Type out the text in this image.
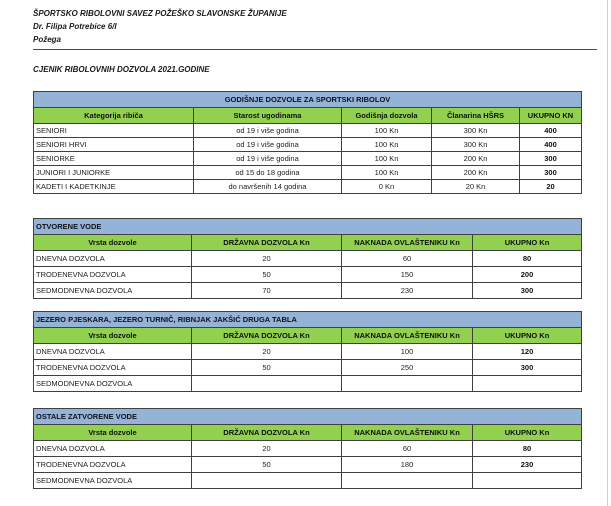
ŠPORTSKO RIBOLOVNI SAVEZ POŽEŠKO SLAVONSKE ŽUPANIJE
Dr. Filipa Potrebice 6/I
Požega
CJENIK RIBOLOVNIH DOZVOLA 2021.GODINE
GODIŠNJE DOZVOLE ZA SPORTSKI RIBOLOV				
Kategorija ribiča	Starost ugodinama	Godišnja dozvola	Članarina HŠRS	UKUPNO KN
SENIORI	od 19 i više godina	100 Kn	300 Kn	400
SENIORI HRVI	od 19 i više godina	100 Kn	300 Kn	400
SENIORKE	od 19 i više godina	100 Kn	200 Kn	300
JUNIORI I JUNIORKE	od 15 do 18 godina	100 Kn	200 Kn	300
KADETI I KADETKINJE	do navršenih 14 godina	0 Kn	20 Kn	20
OTVORENE VODE			
Vrsta dozvole	DRŽAVNA DOZVOLA Kn	NAKNADA OVLAŠTENIKU Kn	UKUPNO Kn
DNEVNA DOZVOLA	20	60	80
TRODENEVNA DOZVOLA	50	150	200
SEDMODNEVNA DOZVOLA	70	230	300
JEZERO PJESKARA, JEZERO TURNIČ, RIBNJAK JAKŠIĆ DRUGA TABLA			
Vrsta dozvole	DRŽAVNA DOZVOLA Kn	NAKNADA OVLAŠTENIKU Kn	UKUPNO Kn
DNEVNA DOZVOLA	20	100	120
TRODENEVNA DOZVOLA	50	250	300
SEDMODNEVNA DOZVOLA			
OSTALE ZATVORENE VODE			
Vrsta dozvole	DRŽAVNA DOZVOLA Kn	NAKNADA OVLAŠTENIKU Kn	UKUPNO Kn
DNEVNA DOZVOLA	20	60	80
TRODENEVNA DOZVOLA	50	180	230
SEDMODNEVNA DOZVOLA			
